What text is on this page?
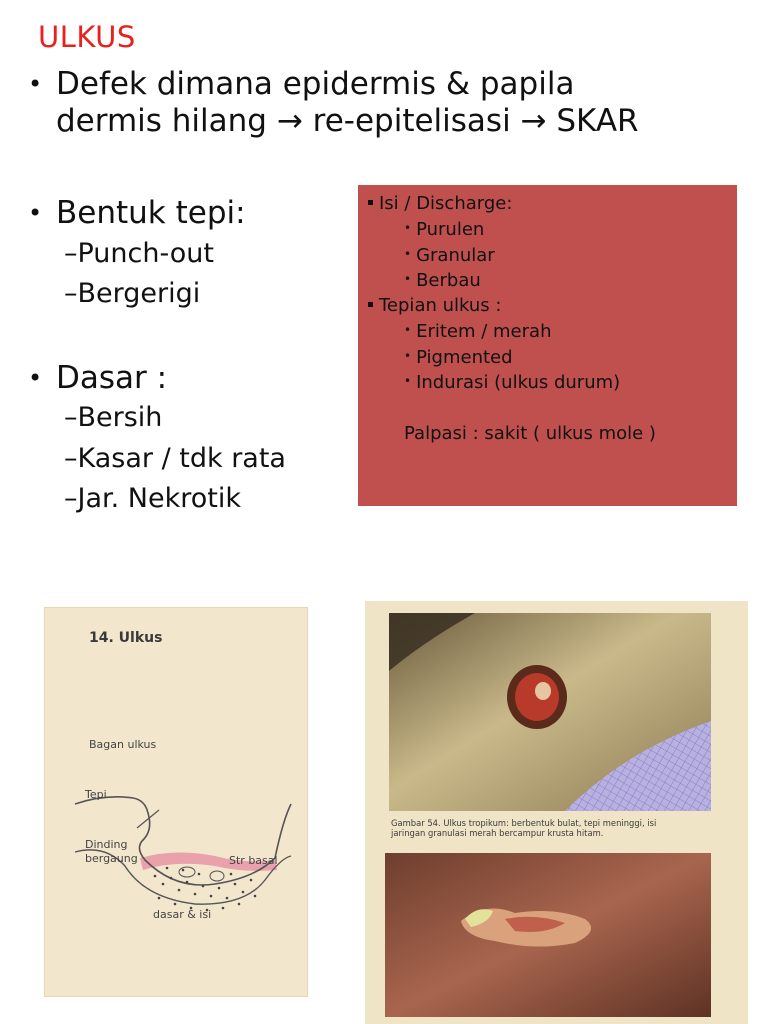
ULKUS
• Defek dimana epidermis & papila
dermis hilang → re-epitelisasi → SKAR
• Bentuk tepi:
–Punch-out
–Bergerigi
• Dasar :
–Bersih
–Kasar / tdk rata
–Jar. Nekrotik
Isi / Discharge:
• Purulen
• Granular
• Berbau
Tepian ulkus :
• Eritem / merah
• Pigmented
• Indurasi (ulkus durum)
Palpasi : sakit ( ulkus mole )
14. Ulkus
Bagan ulkus
Tepi
Dinding
bergaung	Str basal
dasar & isi
Gambar 54. Ulkus tropikum: berbentuk bulat, tepi meninggi, isi
jaringan granulasi merah bercampur krusta hitam.
